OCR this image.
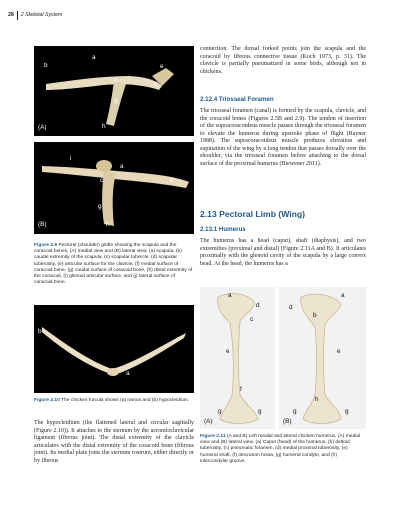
28 2 Skeletal System
a
b
c
d
e
g
h
(A)
i
a
c	b
g
h
(B)
Figure 2.9 Pectoral (shoulder) girdle showing the scapula and the coracoid bones, (A) medial view and (B) lateral view, (a) scapula, (b) caudal extremity of the scapula, (c) scapular tubercle, (d) scapular tuberosity, (e) articular surface for the clavicle, (f) medial surface of coracoid bone, (g) caudal surface of coracoid bone, (h) distal extremity of the coracoid, (i) glenoid articular surface, and (j) lateral surface of coracoid bone.
b
a
Figure 2.10 The chicken furcula shows (a) ramus and (b) hypocleidium.
The hypocleidium (the flattened lateral and circular sagittally (Figure 2.10)). It attaches to the sternum by the acromioclavicular ligament (fibrous joint). The distal extremity of the clavicle articulates with the distal extremity of the coracoid bone (fibrous joint). Its medial plate joins the sternum rostrum, either directly or by fibrous
connection. The dorsal forked points join the scapula and the coracoid by fibrous connective tissue (Koch 1973, p. 31). The clavicle is partially pneumatized in some birds, although not in chickens.
2.12.4 Triosseal Foramen
The triosseal foramen (canal) is formed by the scapula, clavicle, and the coracoid bones (Figures 2.5B and 2.9). The tendon of insertion of the supracoracoideus muscle passes through the triosseal foramen to elevate the humerus during upstroke phase of flight (Rayner 1988). The supracoracoideus muscle produces elevation and supination of the wing by a long tendon that passes dorsally over the shoulder, via the triosseal foramen before attaching to the dorsal surface of the proximal humerus (Biewener 2011).
2.13 Pectoral Limb (Wing)
2.13.1 Humerus
The humerus has a head (caput), shaft (diaphysis), and two extremities (proximal and distal) (Figure 2.11A and B). It articulates proximally with the glenoid cavity of the scapula by a large convex head. At the head, the humerus has a
a
d
c
e
f
g	g
(A)
a
d
b
e
h
g	g
(B)
Figure 2.11 (A and B) Left medial and lateral chicken humerus, (A) medial view and (B) lateral view. (a) Caput (head) of the humerus, (b) deltoid tuberosity, (c) pneumatic foramen, (d) medial proximal tuberosity, (e) humeral shaft, (f) olecranon fossa, (g) humeral condyle, and (h) intercondylar groove.
